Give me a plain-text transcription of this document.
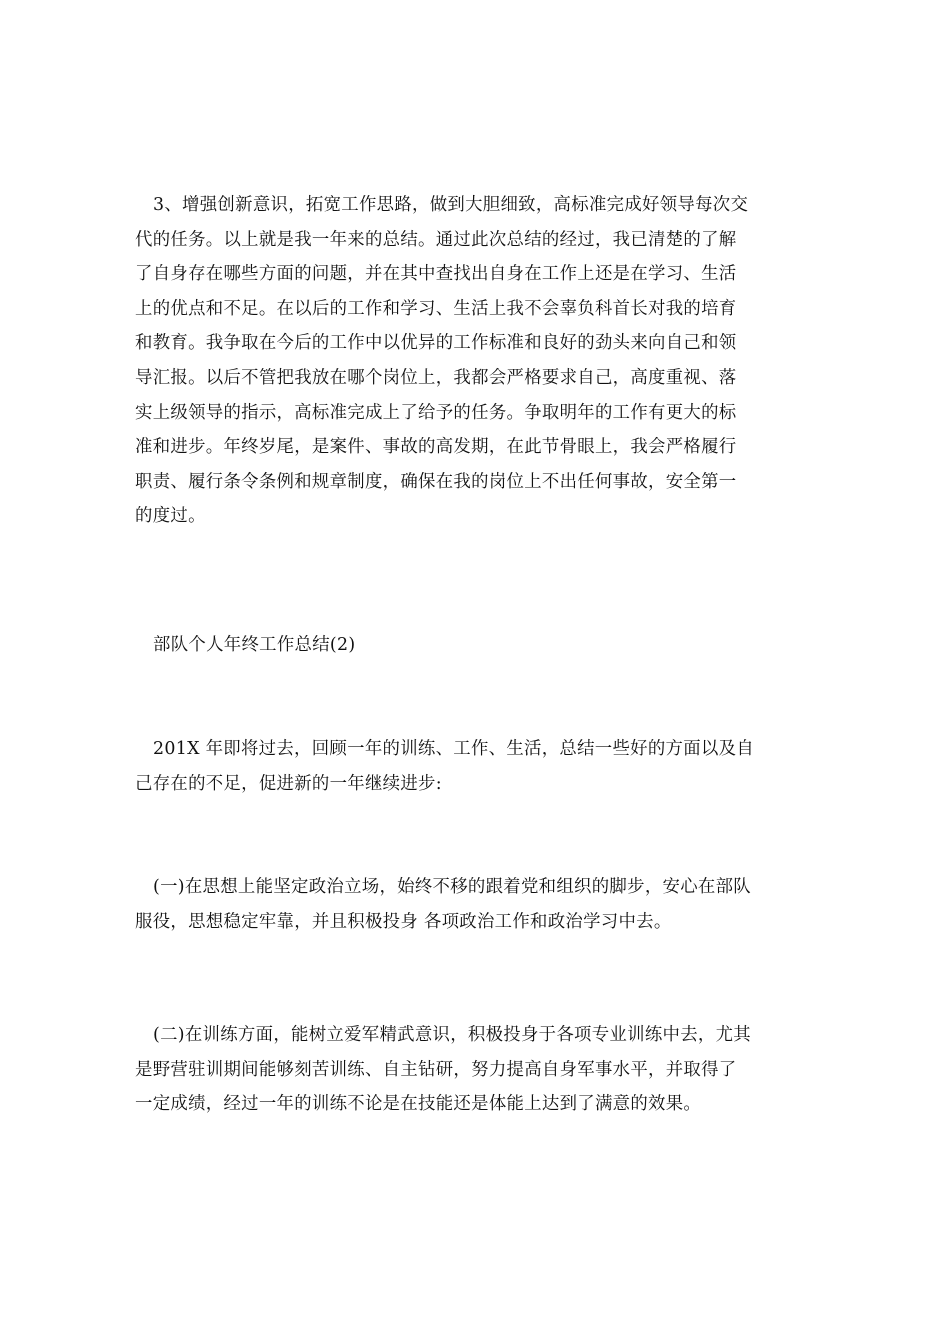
3、增强创新意识，拓宽工作思路，做到大胆细致，高标准完成好领导每次交
代的任务。以上就是我一年来的总结。通过此次总结的经过，我已清楚的了解
了自身存在哪些方面的问题，并在其中查找出自身在工作上还是在学习、生活
上的优点和不足。在以后的工作和学习、生活上我不会辜负科首长对我的培育
和教育。我争取在今后的工作中以优异的工作标准和良好的劲头来向自己和领
导汇报。以后不管把我放在哪个岗位上，我都会严格要求自己，高度重视、落
实上级领导的指示，高标准完成上了给予的任务。争取明年的工作有更大的标
准和进步。年终岁尾，是案件、事故的高发期，在此节骨眼上，我会严格履行
职责、履行条令条例和规章制度，确保在我的岗位上不出任何事故，安全第一
的度过。
部队个人年终工作总结(2)
201X 年即将过去，回顾一年的训练、工作、生活，总结一些好的方面以及自
己存在的不足，促进新的一年继续进步:
(一)在思想上能坚定政治立场，始终不移的跟着党和组织的脚步，安心在部队
服役，思想稳定牢靠，并且积极投身 各项政治工作和政治学习中去。
(二)在训练方面，能树立爱军精武意识，积极投身于各项专业训练中去，尤其
是野营驻训期间能够刻苦训练、自主钻研，努力提高自身军事水平，并取得了
一定成绩，经过一年的训练不论是在技能还是体能上达到了满意的效果。
